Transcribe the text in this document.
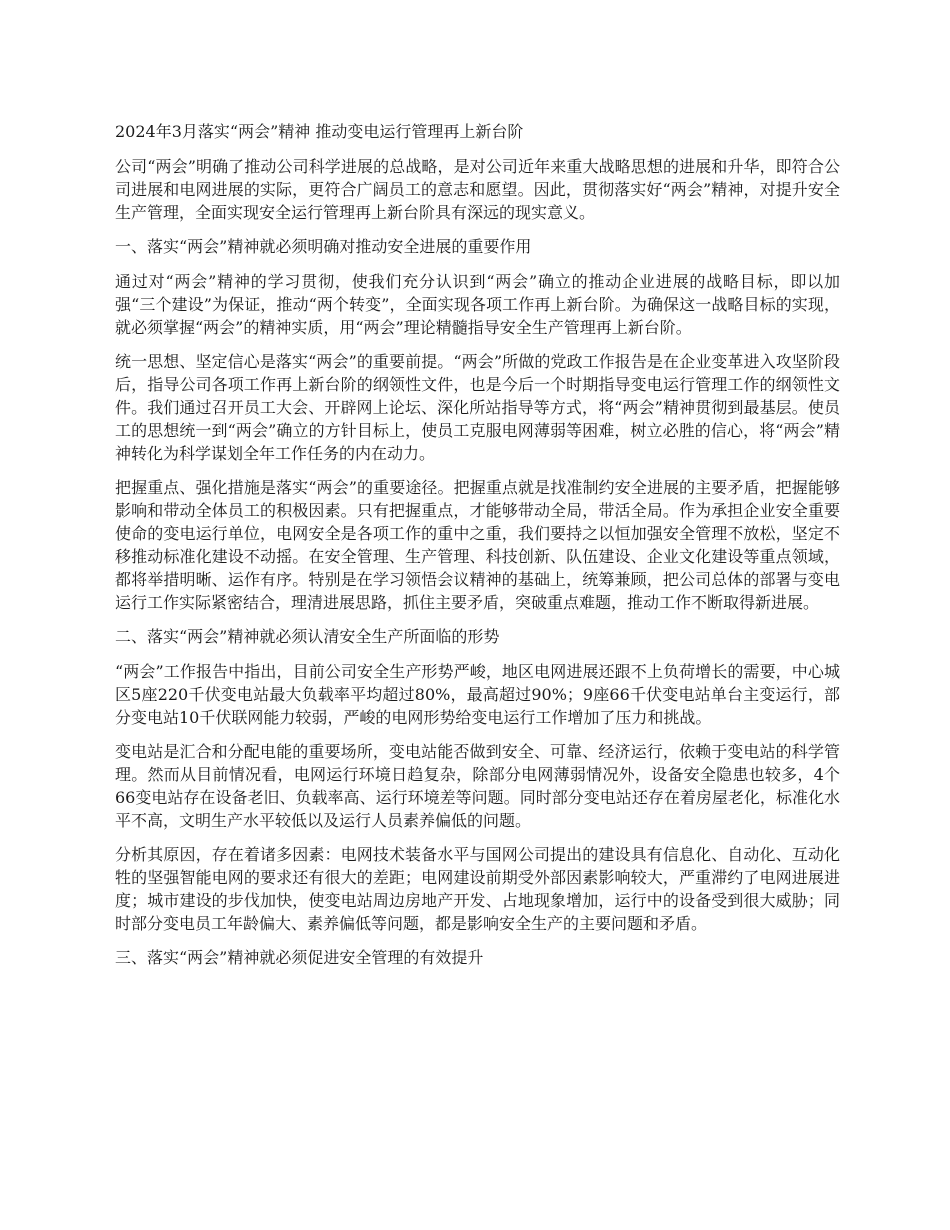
2024年3月落实“两会”精神 推动变电运行管理再上新台阶

公司“两会”明确了推动公司科学进展的总战略，是对公司近年来重大战略思想的进展和升华，即符合公司进展和电网进展的实际，更符合广阔员工的意志和愿望。因此，贯彻落实好“两会”精神，对提升安全生产管理，全面实现安全运行管理再上新台阶具有深远的现实意义。

一、落实“两会”精神就必须明确对推动安全进展的重要作用

通过对“两会”精神的学习贯彻，使我们充分认识到“两会”确立的推动企业进展的战略目标，即以加强“三个建设”为保证，推动“两个转变”，全面实现各项工作再上新台阶。为确保这一战略目标的实现，就必须掌握“两会”的精神实质，用“两会”理论精髓指导安全生产管理再上新台阶。

统一思想、坚定信心是落实“两会”的重要前提。“两会”所做的党政工作报告是在企业变革进入攻坚阶段后，指导公司各项工作再上新台阶的纲领性文件，也是今后一个时期指导变电运行管理工作的纲领性文件。我们通过召开员工大会、开辟网上论坛、深化所站指导等方式，将“两会”精神贯彻到最基层。使员工的思想统一到“两会”确立的方针目标上，使员工克服电网薄弱等困难，树立必胜的信心，将“两会”精神转化为科学谋划全年工作任务的内在动力。

把握重点、强化措施是落实“两会”的重要途径。把握重点就是找准制约安全进展的主要矛盾，把握能够影响和带动全体员工的积极因素。只有把握重点，才能够带动全局，带活全局。作为承担企业安全重要使命的变电运行单位，电网安全是各项工作的重中之重，我们要持之以恒加强安全管理不放松，坚定不移推动标准化建设不动摇。在安全管理、生产管理、科技创新、队伍建设、企业文化建设等重点领域，都将举措明晰、运作有序。特别是在学习领悟会议精神的基础上，统筹兼顾，把公司总体的部署与变电运行工作实际紧密结合，理清进展思路，抓住主要矛盾，突破重点难题，推动工作不断取得新进展。

二、落实“两会”精神就必须认清安全生产所面临的形势

“两会”工作报告中指出，目前公司安全生产形势严峻，地区电网进展还跟不上负荷增长的需要，中心城区5座220千伏变电站最大负载率平均超过80%，最高超过90%；9座66千伏变电站单台主变运行，部分变电站10千伏联网能力较弱，严峻的电网形势给变电运行工作增加了压力和挑战。

变电站是汇合和分配电能的重要场所，变电站能否做到安全、可靠、经济运行，依赖于变电站的科学管理。然而从目前情况看，电网运行环境日趋复杂，除部分电网薄弱情况外，设备安全隐患也较多，4个66变电站存在设备老旧、负载率高、运行环境差等问题。同时部分变电站还存在着房屋老化，标准化水平不高，文明生产水平较低以及运行人员素养偏低的问题。

分析其原因，存在着诸多因素：电网技术装备水平与国网公司提出的建设具有信息化、自动化、互动化牲的坚强智能电网的要求还有很大的差距；电网建设前期受外部因素影响较大，严重滞约了电网进展进度；城市建设的步伐加快，使变电站周边房地产开发、占地现象增加，运行中的设备受到很大威胁；同时部分变电员工年龄偏大、素养偏低等问题，都是影响安全生产的主要问题和矛盾。

三、落实“两会”精神就必须促进安全管理的有效提升
